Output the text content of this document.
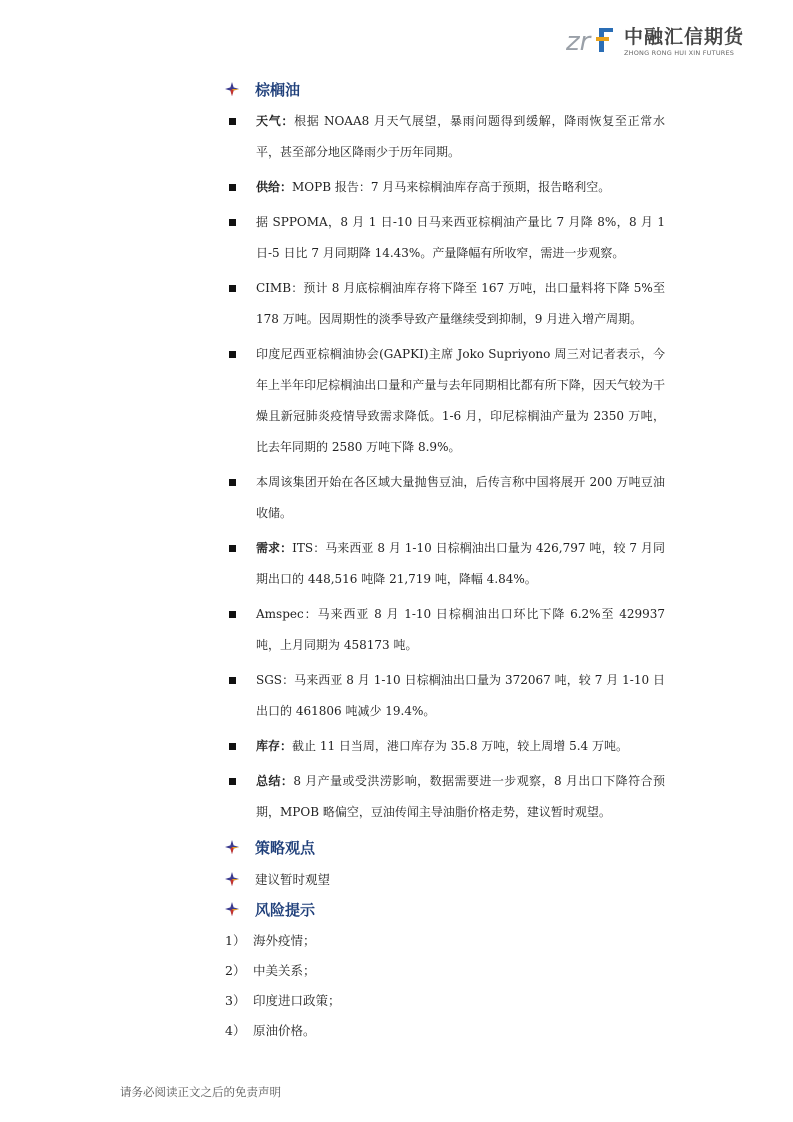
zr 中融汇信期货
ZHONG RONG HUI XIN FUTURES
棕榈油
天气：根据 NOAA8 月天气展望，暴雨问题得到缓解，降雨恢复至正常水平，甚至部分地区降雨少于历年同期。
供给：MOPB 报告：7 月马来棕榈油库存高于预期，报告略利空。
据 SPPOMA，8 月 1 日-10 日马来西亚棕榈油产量比 7 月降 8%，8 月 1 日-5 日比 7 月同期降 14.43%。产量降幅有所收窄，需进一步观察。
CIMB：预计 8 月底棕榈油库存将下降至 167 万吨，出口量料将下降 5%至 178 万吨。因周期性的淡季导致产量继续受到抑制，9 月进入增产周期。
印度尼西亚棕榈油协会(GAPKI)主席 Joko Supriyono 周三对记者表示，今年上半年印尼棕榈油出口量和产量与去年同期相比都有所下降，因天气较为干燥且新冠肺炎疫情导致需求降低。1-6 月，印尼棕榈油产量为 2350 万吨，比去年同期的 2580 万吨下降 8.9%。
本周该集团开始在各区域大量抛售豆油，后传言称中国将展开 200 万吨豆油收储。
需求：ITS：马来西亚 8 月 1-10 日棕榈油出口量为 426,797 吨，较 7 月同期出口的 448,516 吨降 21,719 吨，降幅 4.84%。
Amspec：马来西亚 8 月 1-10 日棕榈油出口环比下降 6.2%至 429937 吨，上月同期为 458173 吨。
SGS：马来西亚 8 月 1-10 日棕榈油出口量为 372067 吨，较 7 月 1-10 日出口的 461806 吨减少 19.4%。
库存：截止 11 日当周，港口库存为 35.8 万吨，较上周增 5.4 万吨。
总结：8 月产量或受洪涝影响，数据需要进一步观察，8 月出口下降符合预期，MPOB 略偏空，豆油传闻主导油脂价格走势，建议暂时观望。
策略观点
建议暂时观望
风险提示
1） 海外疫情；
2） 中美关系；
3） 印度进口政策；
4） 原油价格。
请务必阅读正文之后的免责声明
